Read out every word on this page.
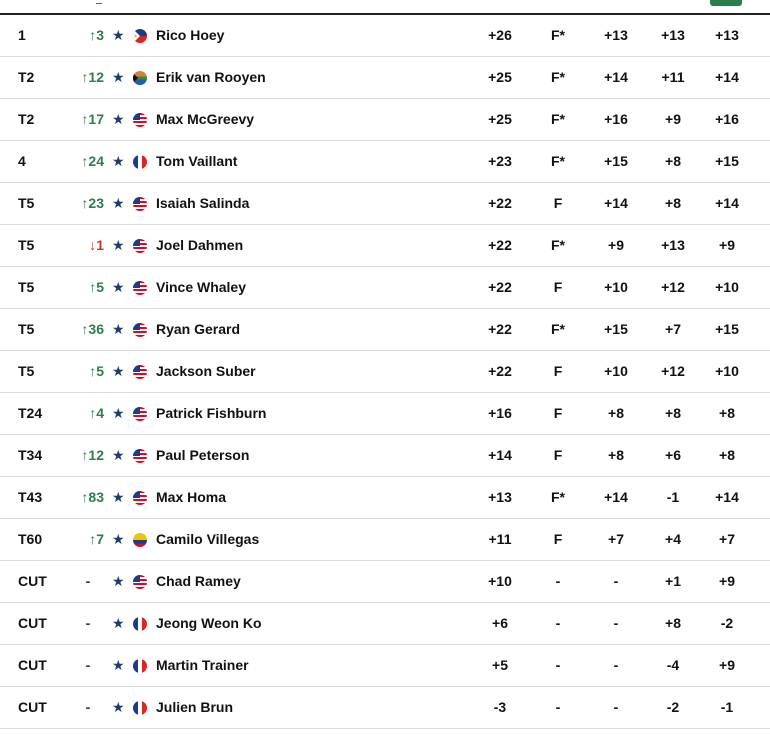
1	↑3 ★ Rico Hoey	+26	F*	+13	+13	+13
T2	↑12 ★ Erik van Rooyen	+25	F*	+14	+11	+14
T2	↑17 ★ Max McGreevy	+25	F*	+16	+9	+16
4	↑24 ★ Tom Vaillant	+23	F*	+15	+8	+15
T5	↑23 ★ Isaiah Salinda	+22	F	+14	+8	+14
T5	↓1 ★ Joel Dahmen	+22	F*	+9	+13	+9
T5	↑5 ★ Vince Whaley	+22	F	+10	+12	+10
T5	↑36 ★ Ryan Gerard	+22	F*	+15	+7	+15
T5	↑5 ★ Jackson Suber	+22	F	+10	+12	+10
T24	↑4 ★ Patrick Fishburn	+16	F	+8	+8	+8
T34	↑12 ★ Paul Peterson	+14	F	+8	+6	+8
T43	↑83 ★ Max Homa	+13	F*	+14	-1	+14
T60	↑7 ★ Camilo Villegas	+11	F	+7	+4	+7
CUT	-	★ Chad Ramey	+10	-	-	+1	+9
CUT	-	★ Jeong Weon Ko	+6	-	-	+8	-2
CUT	-	★ Martin Trainer	+5	-	-	-4	+9
CUT	-	★ Julien Brun	-3	-	-	-2	-1
